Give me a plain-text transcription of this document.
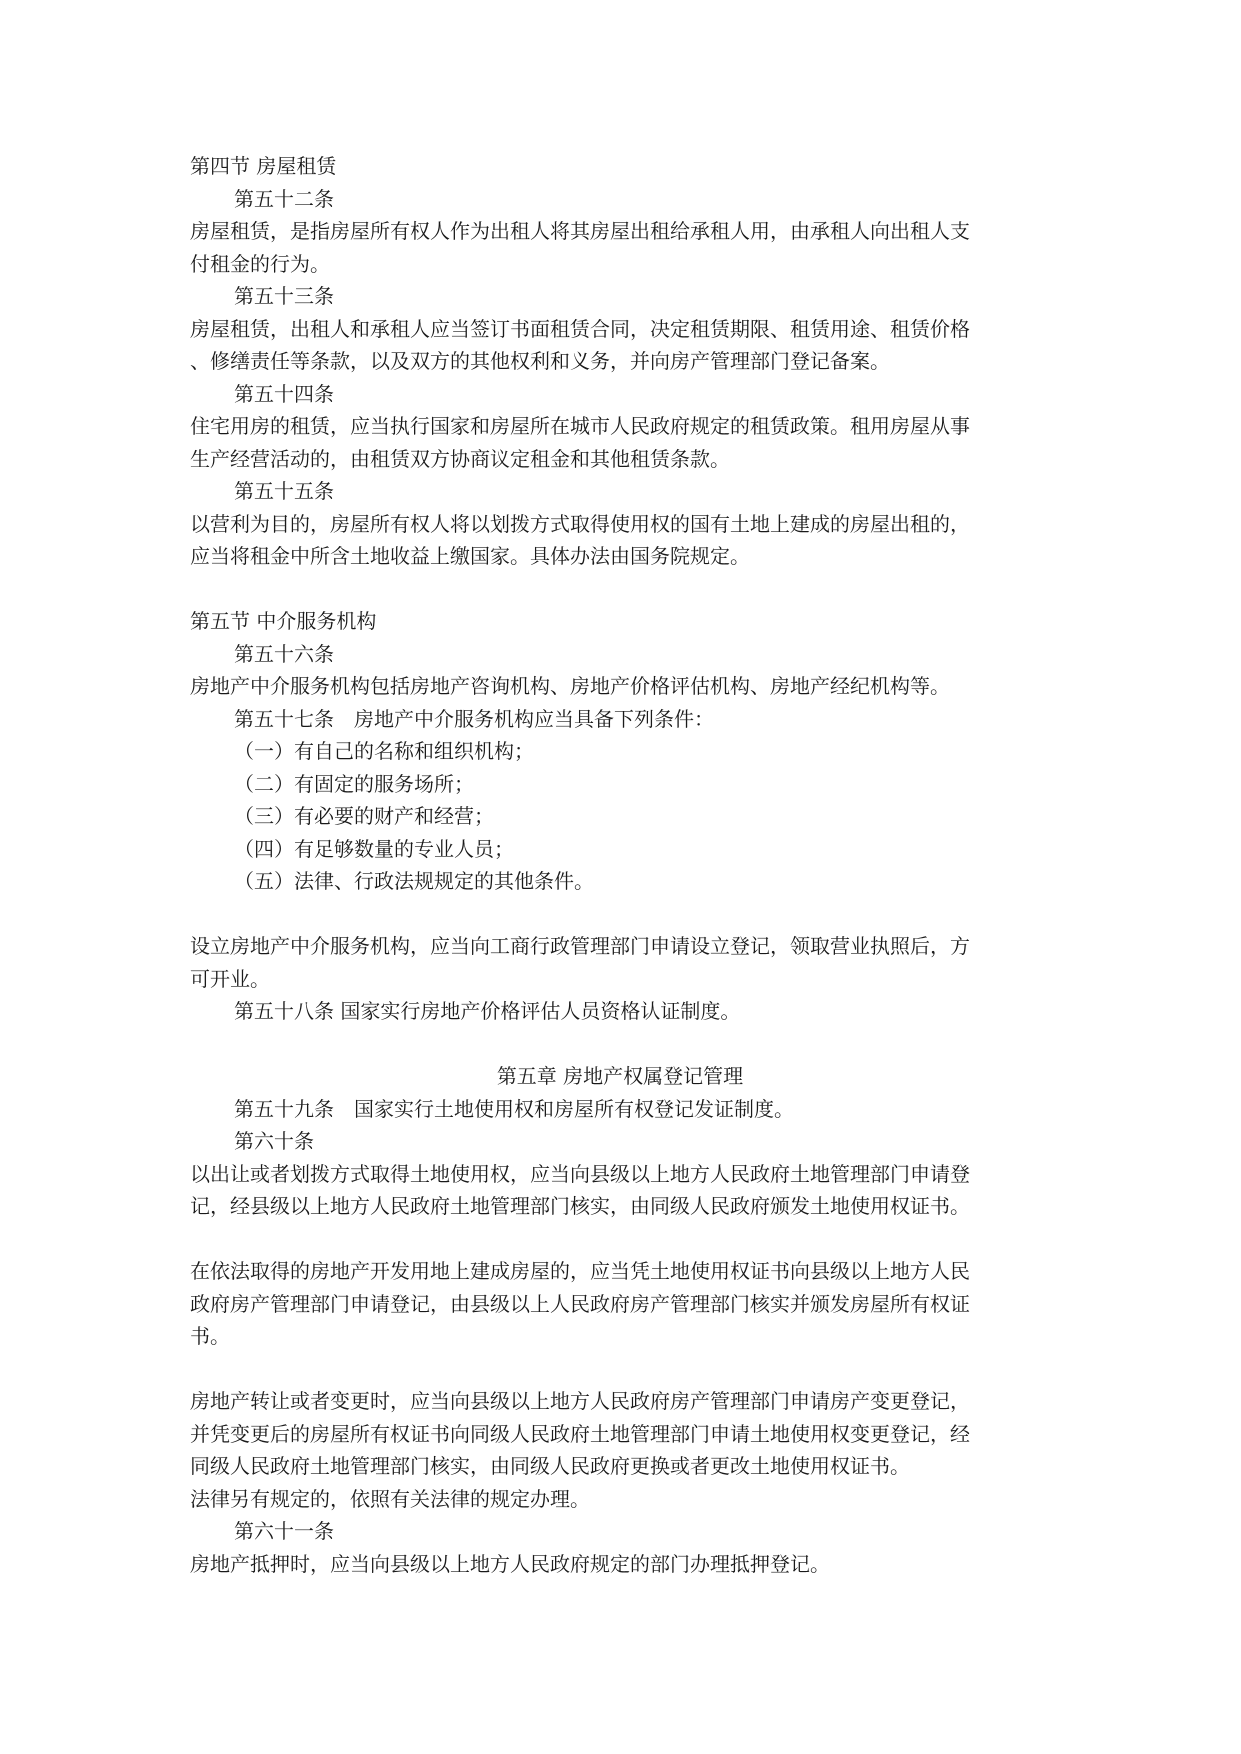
第四节 房屋租赁
第五十二条
房屋租赁，是指房屋所有权人作为出租人将其房屋出租给承租人用，由承租人向出租人支
付租金的行为。
第五十三条
房屋租赁，出租人和承租人应当签订书面租赁合同，决定租赁期限、租赁用途、租赁价格
、修缮责任等条款，以及双方的其他权利和义务，并向房产管理部门登记备案。
第五十四条
住宅用房的租赁，应当执行国家和房屋所在城市人民政府规定的租赁政策。租用房屋从事
生产经营活动的，由租赁双方协商议定租金和其他租赁条款。
第五十五条
以营利为目的，房屋所有权人将以划拨方式取得使用权的国有土地上建成的房屋出租的，
应当将租金中所含土地收益上缴国家。具体办法由国务院规定。
第五节 中介服务机构
第五十六条
房地产中介服务机构包括房地产咨询机构、房地产价格评估机构、房地产经纪机构等。
第五十七条　房地产中介服务机构应当具备下列条件：
（一）有自己的名称和组织机构；
（二）有固定的服务场所；
（三）有必要的财产和经营；
（四）有足够数量的专业人员；
（五）法律、行政法规规定的其他条件。
设立房地产中介服务机构，应当向工商行政管理部门申请设立登记，领取营业执照后，方
可开业。
第五十八条 国家实行房地产价格评估人员资格认证制度。
第五章 房地产权属登记管理
第五十九条　国家实行土地使用权和房屋所有权登记发证制度。
第六十条
以出让或者划拨方式取得土地使用权，应当向县级以上地方人民政府土地管理部门申请登
记，经县级以上地方人民政府土地管理部门核实，由同级人民政府颁发土地使用权证书。
在依法取得的房地产开发用地上建成房屋的，应当凭土地使用权证书向县级以上地方人民
政府房产管理部门申请登记，由县级以上人民政府房产管理部门核实并颁发房屋所有权证
书。
房地产转让或者变更时，应当向县级以上地方人民政府房产管理部门申请房产变更登记，
并凭变更后的房屋所有权证书向同级人民政府土地管理部门申请土地使用权变更登记，经
同级人民政府土地管理部门核实，由同级人民政府更换或者更改土地使用权证书。
法律另有规定的，依照有关法律的规定办理。
第六十一条
房地产抵押时，应当向县级以上地方人民政府规定的部门办理抵押登记。
